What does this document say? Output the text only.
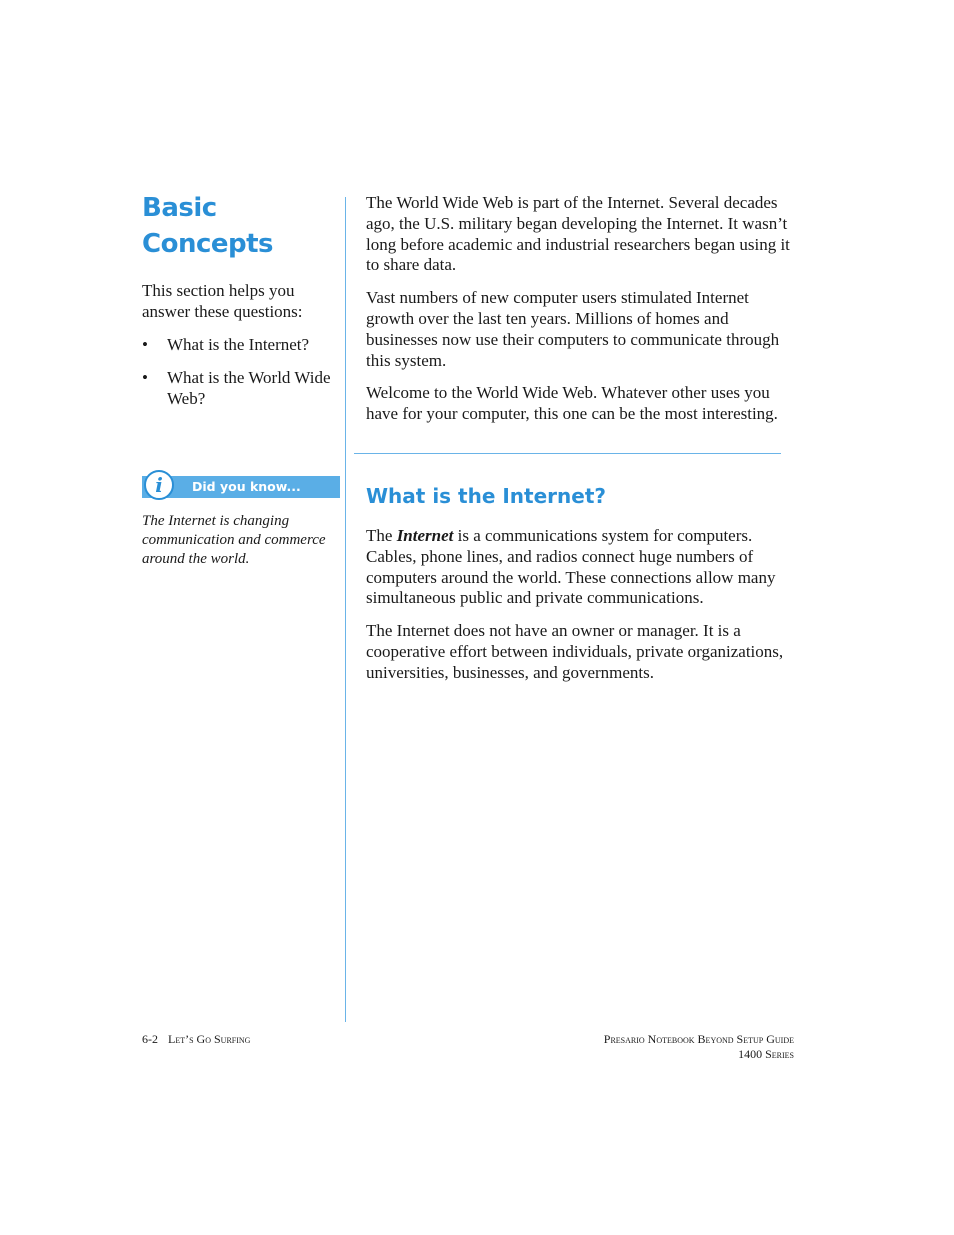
Basic Concepts

This section helps you answer these questions:

• What is the Internet?
• What is the World Wide Web?
i	Did you know...

The Internet is changing communication and commerce around the world.

The World Wide Web is part of the Internet. Several decades ago, the U.S. military began developing the Internet. It wasn’t long before academic and industrial researchers began using it to share data.

Vast numbers of new computer users stimulated Internet growth over the last ten years. Millions of homes and businesses now use their computers to communicate through this system.

Welcome to the World Wide Web. Whatever other uses you have for your computer, this one can be the most interesting.

What is the Internet?

The Internet is a communications system for computers. Cables, phone lines, and radios connect huge numbers of computers around the world. These connections allow many simultaneous public and private communications.

The Internet does not have an owner or manager. It is a cooperative effort between individuals, private organizations, universities, businesses, and governments.

6-2 Let’s Go Surfing	Presario Notebook Beyond Setup Guide
1400 Series
